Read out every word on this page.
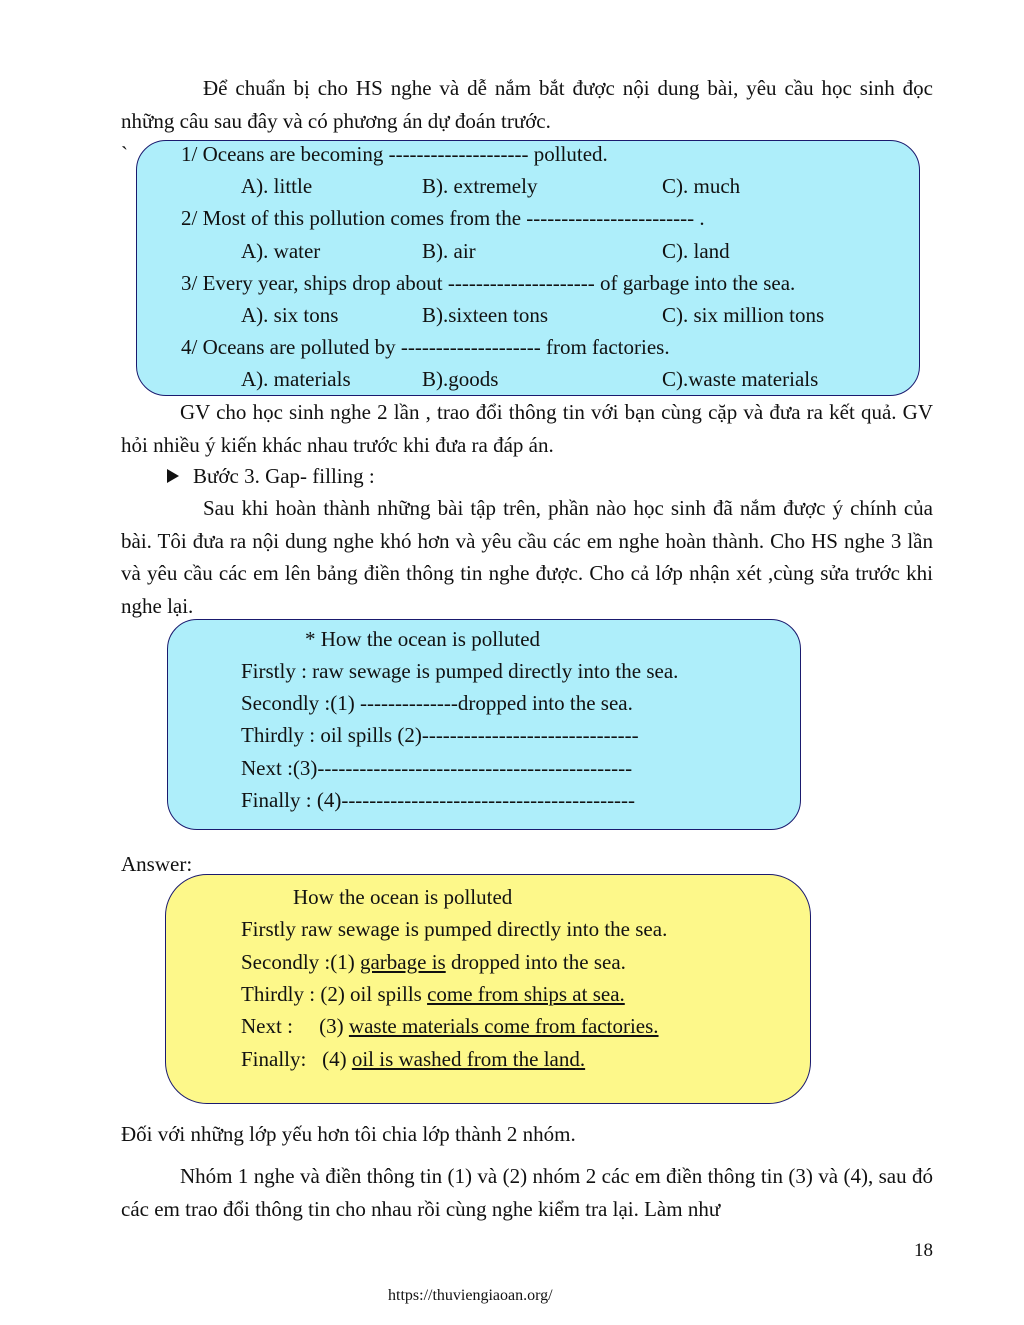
Để chuẩn bị cho HS nghe và dễ nắm bắt được nội dung bài, yêu cầu học sinh đọc những câu sau đây và có phương án dự đoán trước.
`	1/ Oceans are becoming -------------------- polluted.
A). little	B). extremely	C). much
2/ Most of this pollution comes from the ------------------------ .
A). water	B). air	C). land
3/ Every year, ships drop about --------------------- of garbage into the sea.
A). six tons	B).sixteen tons	C). six million tons
4/ Oceans are polluted by -------------------- from factories.
A). materials	B).goods	C).waste materials
GV cho học sinh nghe 2 lần , trao đổi thông tin với bạn cùng cặp và đưa ra kết quả. GV hỏi nhiều ý kiến khác nhau trước khi đưa ra đáp án.
Bước 3. Gap- filling :
Sau khi hoàn thành những bài tập trên, phần nào học sinh đã nắm được ý chính của bài. Tôi đưa ra nội dung nghe khó hơn và yêu cầu các em nghe hoàn thành. Cho HS nghe 3 lần và yêu cầu các em lên bảng điền thông tin nghe được. Cho cả lớp nhận xét ,cùng sửa trước khi nghe lại.
* How the ocean is polluted
Firstly : raw sewage is pumped directly into the sea.
Secondly :(1) --------------dropped into the sea.
Thirdly : oil spills (2)-------------------------------
Next :(3)---------------------------------------------
Finally : (4)------------------------------------------
Answer:
How the ocean is polluted
Firstly raw sewage is pumped directly into the sea.
Secondly :(1) garbage is dropped into the sea.
Thirdly : (2) oil spills come from ships at sea.
Next :     (3) waste materials come from factories.
Finally:   (4) oil is washed from the land.
Đối với những lớp yếu hơn tôi chia lớp thành 2 nhóm.
Nhóm 1 nghe và điền thông tin (1) và (2) nhóm 2 các em điền thông tin (3) và (4), sau đó các em trao đổi thông tin cho nhau rồi cùng nghe kiểm tra lại. Làm như
18
https://thuviengiaoan.org/
